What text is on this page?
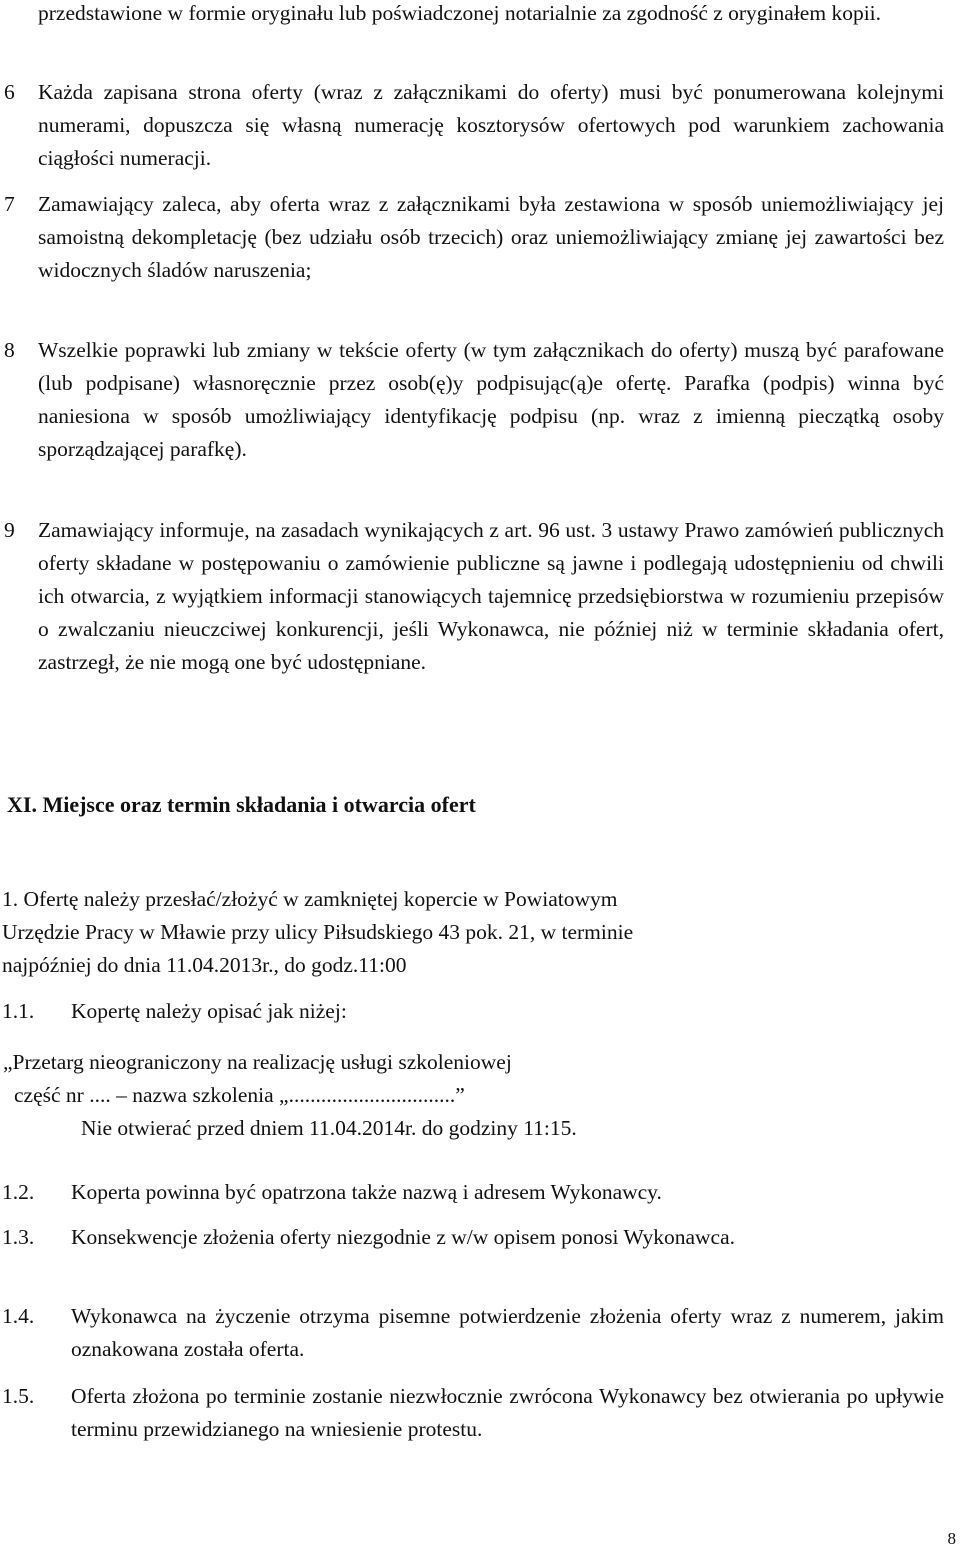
przedstawione w formie oryginału lub poświadczonej notarialnie za zgodność z oryginałem kopii.
6 Każda zapisana strona oferty (wraz z załącznikami do oferty) musi być ponumerowana kolejnymi numerami, dopuszcza się własną numerację kosztorysów ofertowych pod warunkiem zachowania ciągłości numeracji.
7 Zamawiający zaleca, aby oferta wraz z załącznikami była zestawiona w sposób uniemożliwiający jej samoistną dekompletację (bez udziału osób trzecich) oraz uniemożliwiający zmianę jej zawartości bez widocznych śladów naruszenia;
8 Wszelkie poprawki lub zmiany w tekście oferty (w tym załącznikach do oferty) muszą być parafowane (lub podpisane) własnoręcznie przez osob(ę)y podpisując(ą)e ofertę. Parafka (podpis) winna być naniesiona w sposób umożliwiający identyfikację podpisu (np. wraz z imienną pieczątką osoby sporządzającej parafkę).
9 Zamawiający informuje, na zasadach wynikających z art. 96 ust. 3 ustawy Prawo zamówień publicznych oferty składane w postępowaniu o zamówienie publiczne są jawne i podlegają udostępnieniu od chwili ich otwarcia, z wyjątkiem informacji stanowiących tajemnicę przedsiębiorstwa w rozumieniu przepisów o zwalczaniu nieuczciwej konkurencji, jeśli Wykonawca, nie później niż w terminie składania ofert, zastrzegł, że nie mogą one być udostępniane.
XI. Miejsce oraz termin składania i otwarcia ofert
1. Ofertę należy przesłać/złożyć w zamkniętej kopercie w Powiatowym
Urzędzie Pracy w Mławie przy ulicy Piłsudskiego 43 pok. 21, w terminie
najpóźniej do dnia 11.04.2013r., do godz.11:00
1.1. Kopertę należy opisać jak niżej:
„Przetarg nieograniczony na realizację usługi szkoleniowej
część nr .... – nazwa szkolenia „...............................”
Nie otwierać przed dniem 11.04.2014r. do godziny 11:15.
1.2. Koperta powinna być opatrzona także nazwą i adresem Wykonawcy.
1.3. Konsekwencje złożenia oferty niezgodnie z w/w opisem ponosi Wykonawca.
1.4. Wykonawca na życzenie otrzyma pisemne potwierdzenie złożenia oferty wraz z numerem, jakim oznakowana została oferta.
1.5. Oferta złożona po terminie zostanie niezwłocznie zwrócona Wykonawcy bez otwierania po upływie terminu przewidzianego na wniesienie protestu.
8
